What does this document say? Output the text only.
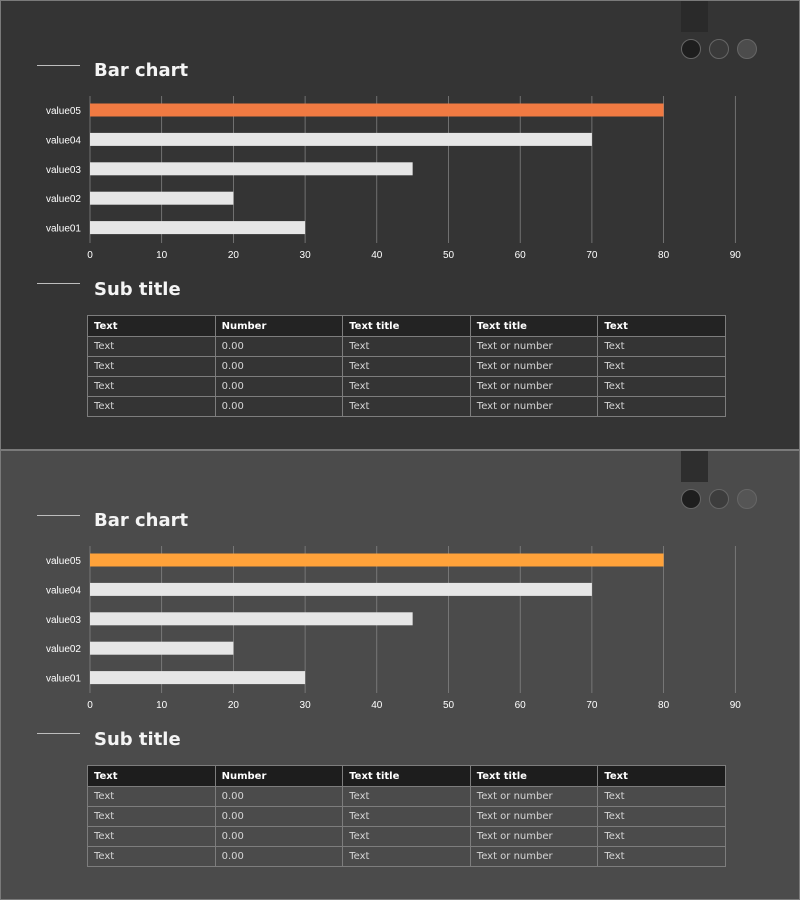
Bar chart
0	10	20	30	40	50	60	70	80	90
value05
value04
value03
value02
value01
Sub title
Text	Number	Text title	Text title	Text
Text	0.00	Text	Text or number	Text
Text	0.00	Text	Text or number	Text
Text	0.00	Text	Text or number	Text
Text	0.00	Text	Text or number	Text
Bar chart
0	10	20	30	40	50	60	70	80	90
value05
value04
value03
value02
value01
Sub title
Text	Number	Text title	Text title	Text
Text	0.00	Text	Text or number	Text
Text	0.00	Text	Text or number	Text
Text	0.00	Text	Text or number	Text
Text	0.00	Text	Text or number	Text
